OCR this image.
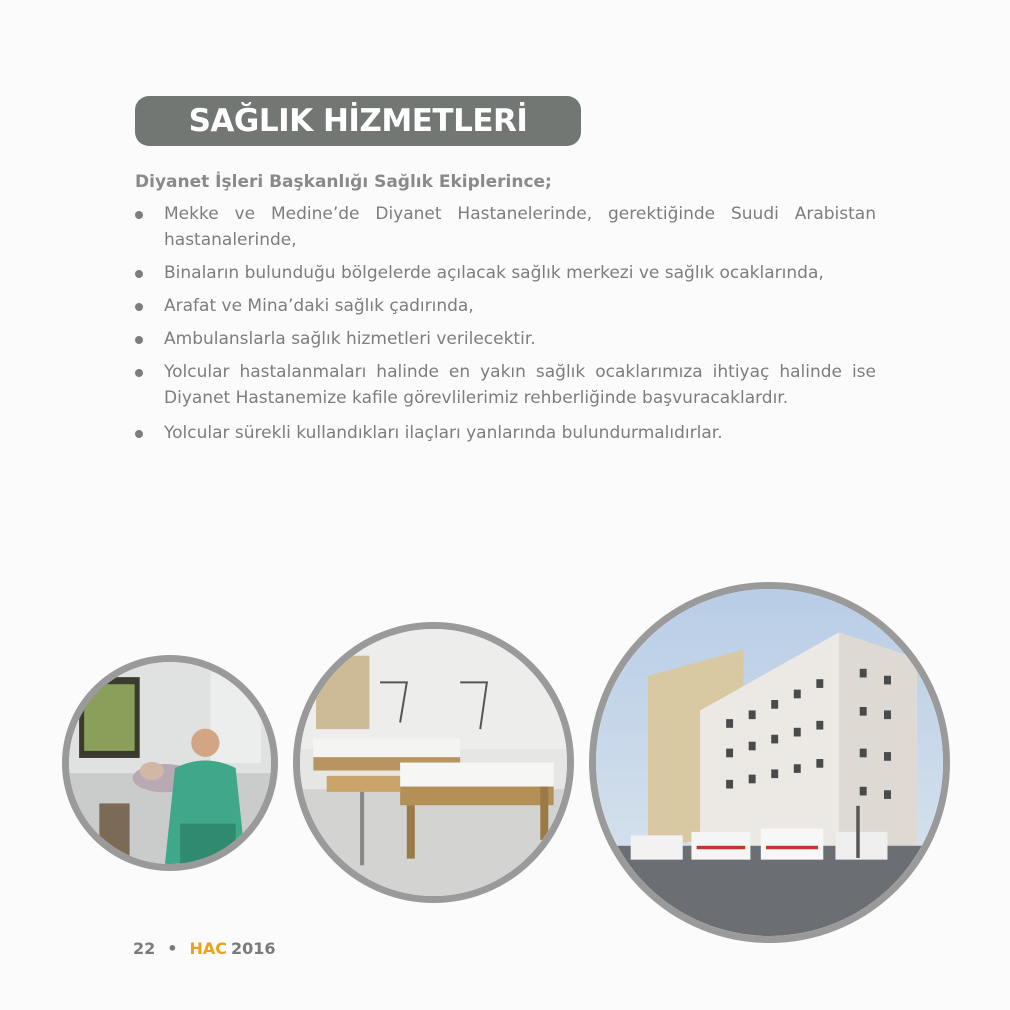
SAĞLIK HİZMETLERİ
Diyanet İşleri Başkanlığı Sağlık Ekiplerince;
Mekke ve Medine’de Diyanet Hastanelerinde, gerektiğinde Suudi Arabistan hastanalerinde,
Binaların bulunduğu bölgelerde açılacak sağlık merkezi ve sağlık ocaklarında,
Arafat ve Mina’daki sağlık çadırında,
Ambulanslarla sağlık hizmetleri verilecektir.
Yolcular hastalanmaları halinde en yakın sağlık ocaklarımıza ihtiyaç halinde ise Diyanet Hastanemize kafile görevlilerimiz rehberliğinde başvuracaklardır.
Yolcular sürekli kullandıkları ilaçları yanlarında bulundurmalıdırlar.
22 • HAC 2016
